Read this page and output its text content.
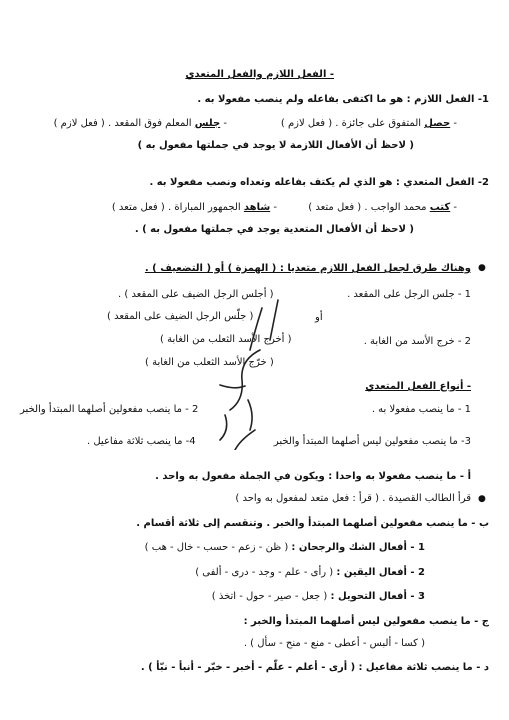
- الفعل اللازم والفعل المتعدي
1- الفعل اللازم : هو ما اكتفى بفاعله ولم ينصب مفعولا به .
- حصل المتفوق على جائزة . ( فعل لازم )
- جلس المعلم فوق المقعد . ( فعل لازم )
( لاحظ أن الأفعال اللازمة لا يوجد في جملتها مفعول به )
2- الفعل المتعدي : هو الذي لم يكتف بفاعله وتعداه ونصب مفعولا به .
- كتب محمد الواجب . ( فعل متعد )
- شاهد الجمهور المباراة . ( فعل متعد )
( لاحظ أن الأفعال المتعدية يوجد في جملتها مفعول به ) .
●
وهناك طرق لجعل الفعل اللازم متعديا : ( الهمزة ) أو ( التضعيف ) .
1 - جلس الرجل على المقعد .
( أجلس الرجل الضيف على المقعد ) .
أو
( جلّس الرجل الضيف على المقعد )
2 - خرج الأسد من الغابة .
( أخرج الأسد الثعلب من الغابة )
( خرّج الأسد الثعلب من الغابة )
- أنواع الفعل المتعدي
1 - ما ينصب مفعولا به .
2 - ما ينصب مفعولين أصلهما المبتدأ والخبر
3- ما ينصب مفعولين ليس أصلهما المبتدأ والخبر
4- ما ينصب ثلاثة مفاعيل .
أ - ما ينصب مفعولا به واحدا : ويكون في الجملة مفعول به واحد .
●
قرأ الطالب القصيدة . ( قرأ : فعل متعد لمفعول به واحد )
ب - ما ينصب مفعولين أصلهما المبتدأ والخبر . وتنقسم إلى ثلاثة أقسام .
1 - أفعال الشك والرجحان : ( ظن - زعم - حسب - خال - هب )
2 - أفعال اليقين : ( رأى - علم - وجد - درى - ألفى )
3 - أفعال التحويل : ( جعل - صير - حول - اتخذ )
ج - ما ينصب مفعولين ليس أصلهما المبتدأ والخبر :
( كسا - ألبس - أعطى - منع - منح - سأل ) .
د - ما ينصب ثلاثة مفاعيل : ( أرى - أعلم - علّم - أخبر - خبّر - أنبأ - نبّأ ) .
